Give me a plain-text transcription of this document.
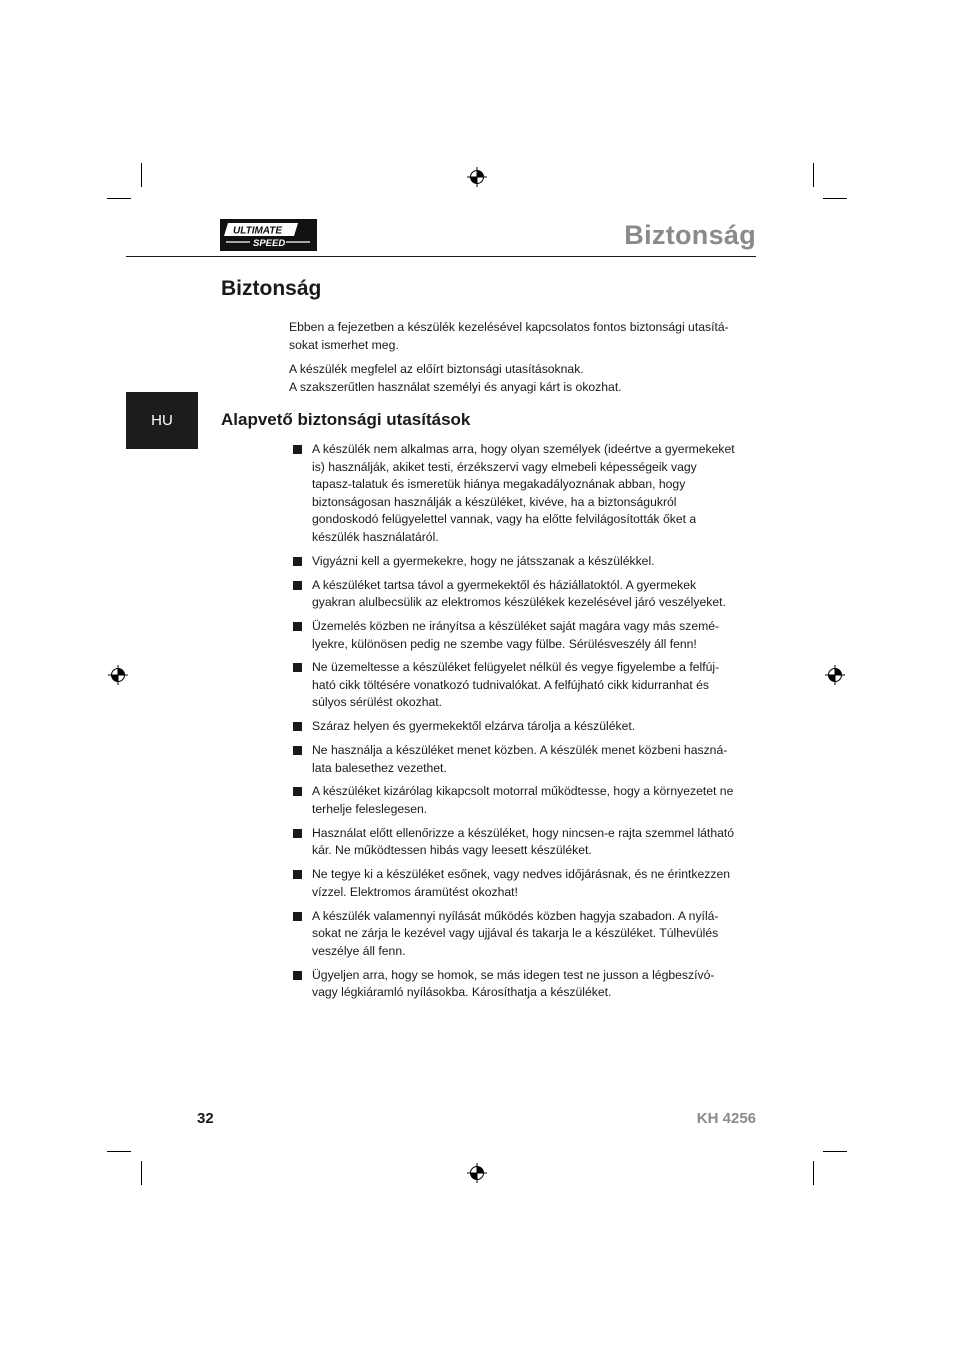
ULTIMATE
SPEED	Biztonság
Biztonság

Ebben a fejezetben a készülék kezelésével kapcsolatos fontos biztonsági utasítá-sokat ismerhet meg.

A készülék megfelel az előírt biztonsági utasításoknak.
A szakszerűtlen használat személyi és anyagi kárt is okozhat.

HU	Alapvető biztonsági utasítások
A készülék nem alkalmas arra, hogy olyan személyek (ideértve a gyermekeket is) használják, akiket testi, érzékszervi vagy elmebeli képességeik vagy tapasz-talatuk és ismeretük hiánya megakadályoznának abban, hogy biztonságosan használják a készüléket, kivéve, ha a biztonságukról gondoskodó felügyelettel vannak, vagy ha előtte felvilágosították őket a készülék használatáról.
Vigyázni kell a gyermekekre, hogy ne játsszanak a készülékkel.
A készüléket tartsa távol a gyermekektől és háziállatoktól. A gyermekek gyakran alulbecsülik az elektromos készülékek kezelésével járó veszélyeket.
Üzemelés közben ne irányítsa a készüléket saját magára vagy más szemé-lyekre, különösen pedig ne szembe vagy fülbe. Sérülésveszély áll fenn!
Ne üzemeltesse a készüléket felügyelet nélkül és vegye figyelembe a felfúj-ható cikk töltésére vonatkozó tudnivalókat. A felfújható cikk kidurranhat és súlyos sérülést okozhat.
Száraz helyen és gyermekektől elzárva tárolja a készüléket.
Ne használja a készüléket menet közben. A készülék menet közbeni haszná-lata balesethez vezethet.
A készüléket kizárólag kikapcsolt motorral működtesse, hogy a környezetet ne terhelje feleslegesen.
Használat előtt ellenőrizze a készüléket, hogy nincsen-e rajta szemmel látható kár. Ne működtessen hibás vagy leesett készüléket.
Ne tegye ki a készüléket esőnek, vagy nedves időjárásnak, és ne érintkezzen vízzel. Elektromos áramütést okozhat!
A készülék valamennyi nyílását működés közben hagyja szabadon. A nyílá-sokat ne zárja le kezével vagy ujjával és takarja le a készüléket. Túlhevülés veszélye áll fenn.
Ügyeljen arra, hogy se homok, se más idegen test ne jusson a légbeszívó-vagy légkiáramló nyílásokba. Károsíthatja a készüléket.
32	KH 4256
